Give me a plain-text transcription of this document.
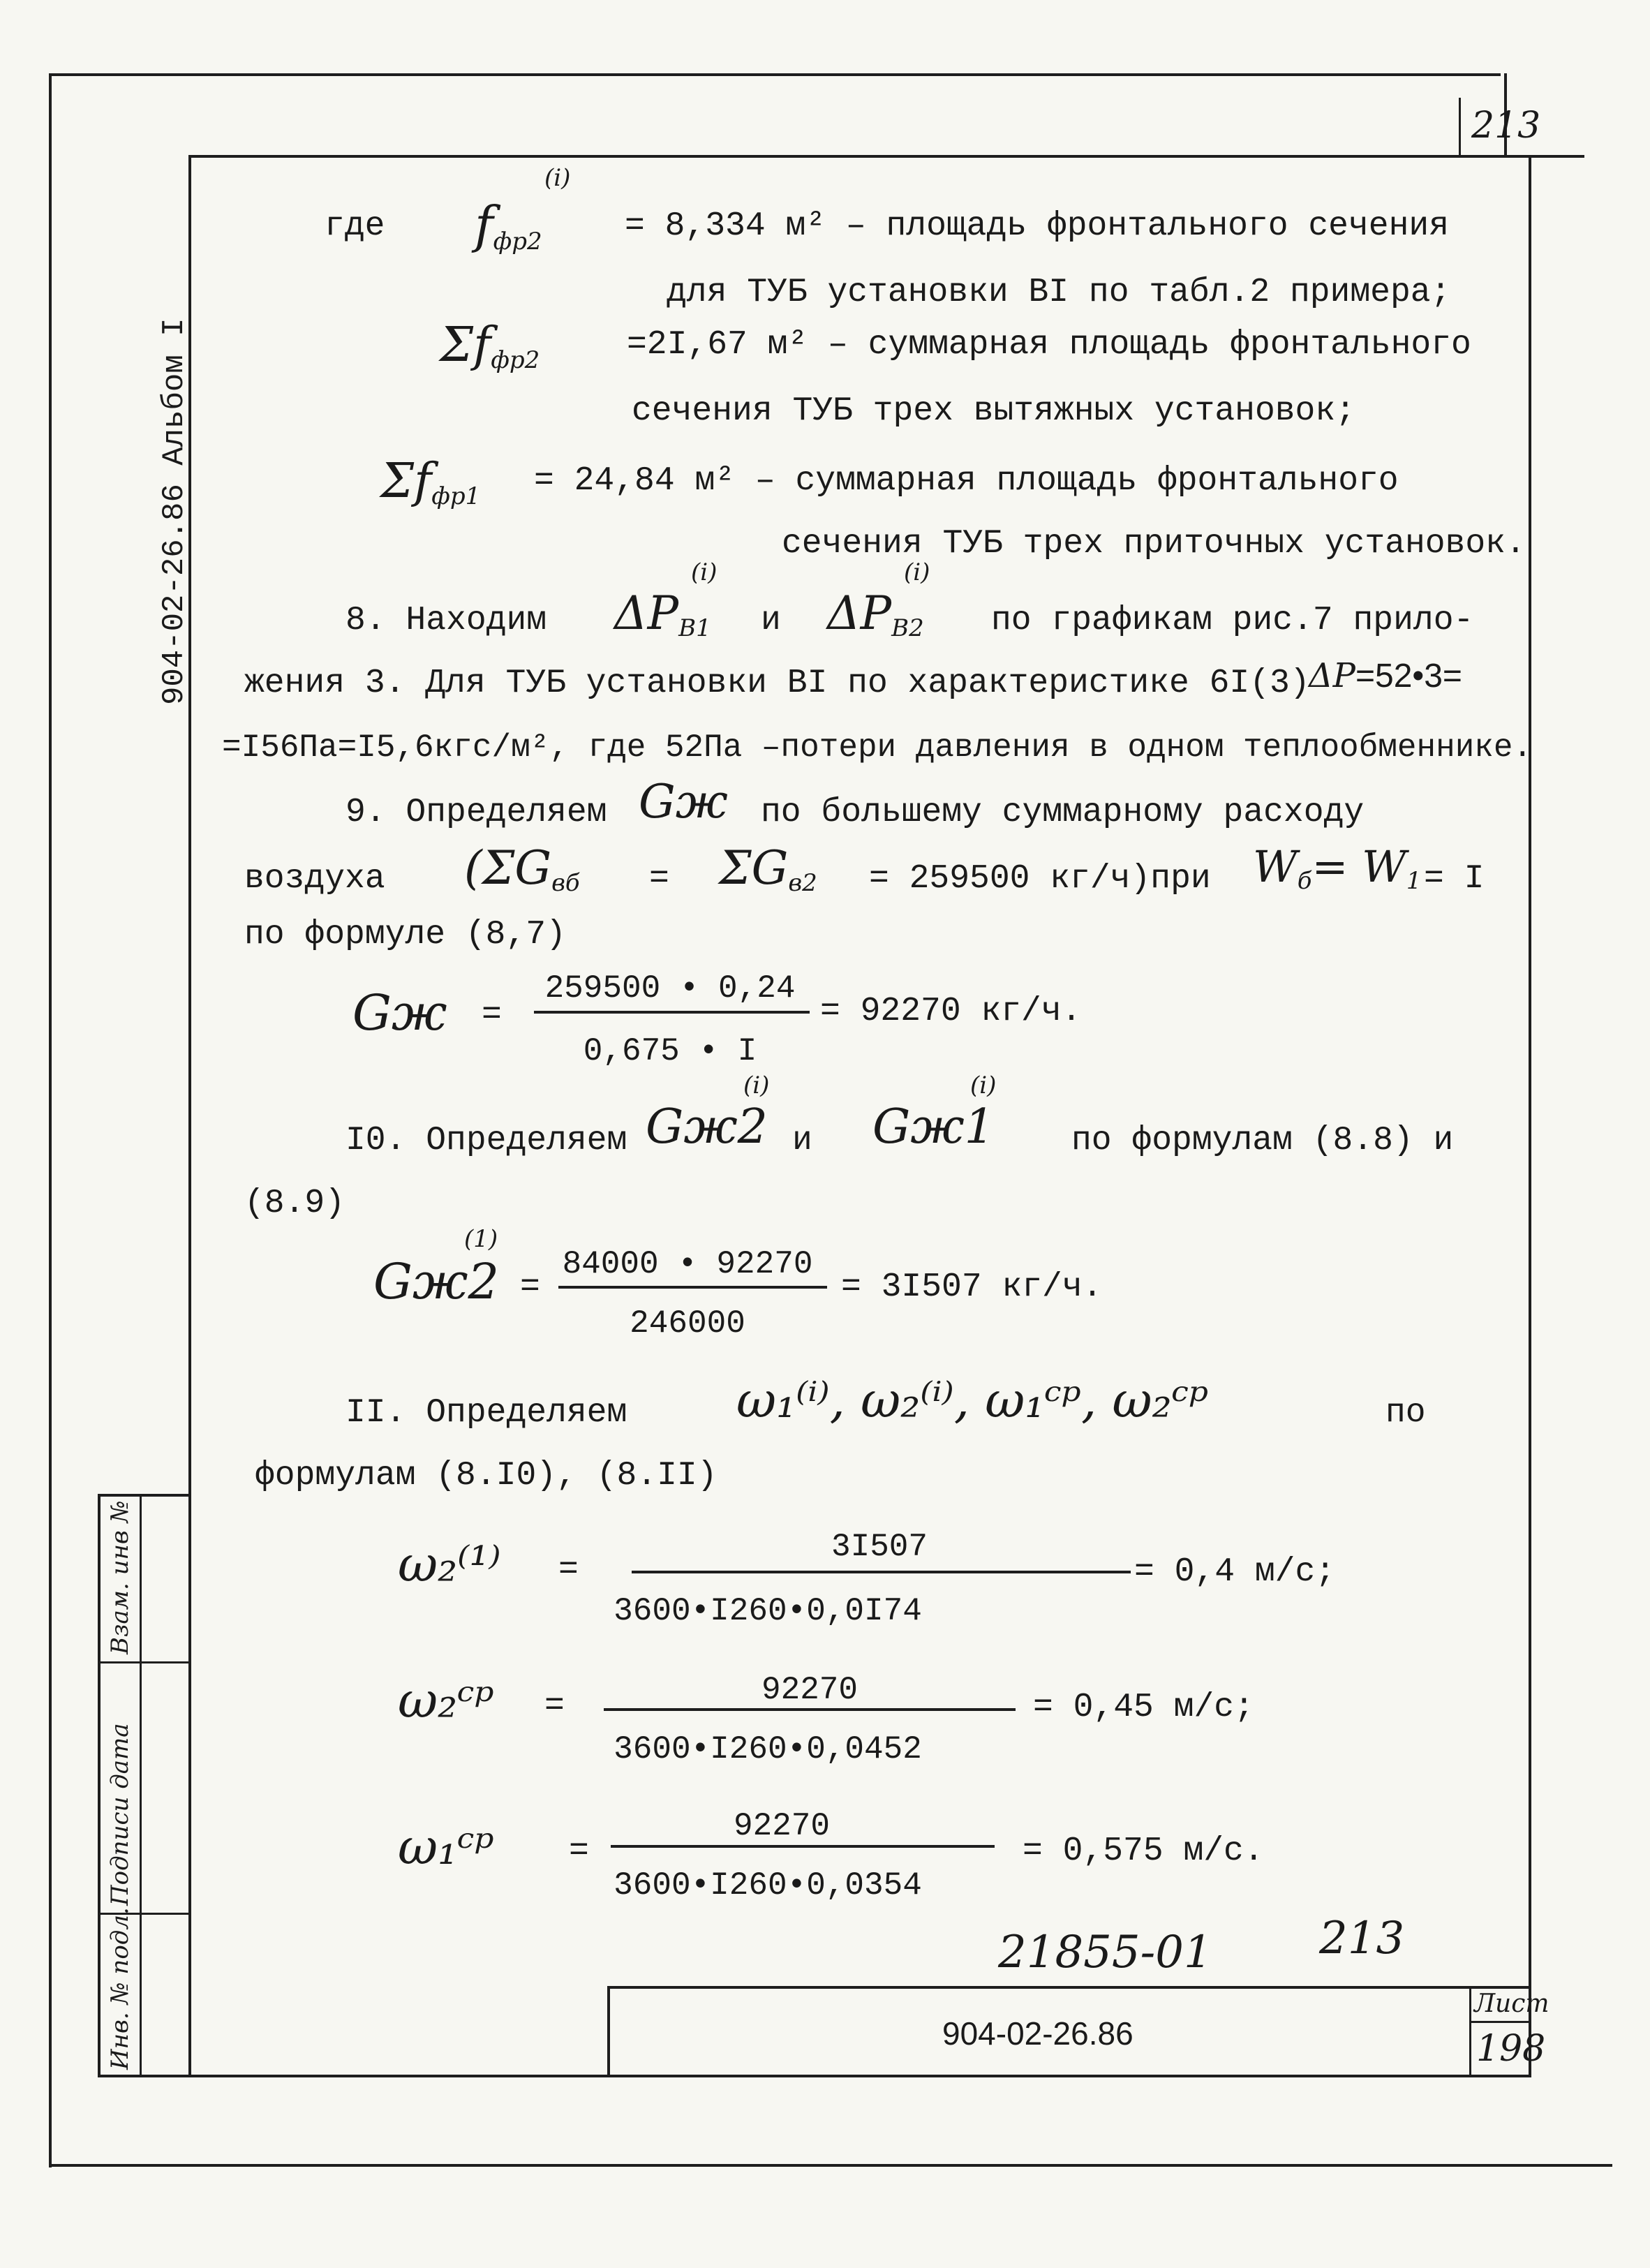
213
904-02-26.86 Альбом I
Инв. № подл.
Подписи дата
Взам. инв №
904-02-26.86
Лист
198
21855-01 213
где fфр2
(i)
= 8,334 м² – площадь фронтального сечения
для ТУБ установки BI по табл.2 примера;
Σfфр2	=2I,67 м² – суммарная площадь фронтального
сечения ТУБ трех вытяжных установок;
Σfфр1 = 24,84 м² – суммарная площадь фронтального
сечения ТУБ трех приточных установок.
8. Находим ΔPB1
(i)
и ΔPB2
(i)
по графикам рис.7 прило-
жения 3. Для ТУБ установки BI по характеристике 6I(3)
ΔP=52•3=
=I56Па=I5,6кгс/м², где 52Па –потери давления в одном теплообменнике.
9. Определяем Gж по большему суммарному расходу
воздуха (ΣGвб = ΣGв2 = 259500 кг/ч)при Wб= W1 = I
по формуле (8,7)
Gж =
259500 • 0,24
0,675 • I
= 92270 кг/ч.
I0. Определяем Gж2
(i)
и Gж1
(i)
по формулам (8.8) и
(8.9)
Gж2
(1)
=
84000 • 92270
246000
= 3I507 кг/ч.
II. Определяем ω₁⁽ⁱ⁾, ω₂⁽ⁱ⁾, ω₁ᶜᵖ, ω₂ᶜᵖ	по
формулам (8.I0), (8.II)
ω₂⁽¹⁾ =
3I507
3600•I260•0,0I74
= 0,4 м/с;
ω₂ᶜᵖ =	92270
3600•I260•0,0452
= 0,45 м/с;
ω₁ᶜᵖ =
92270
3600•I260•0,0354
= 0,575 м/с.
